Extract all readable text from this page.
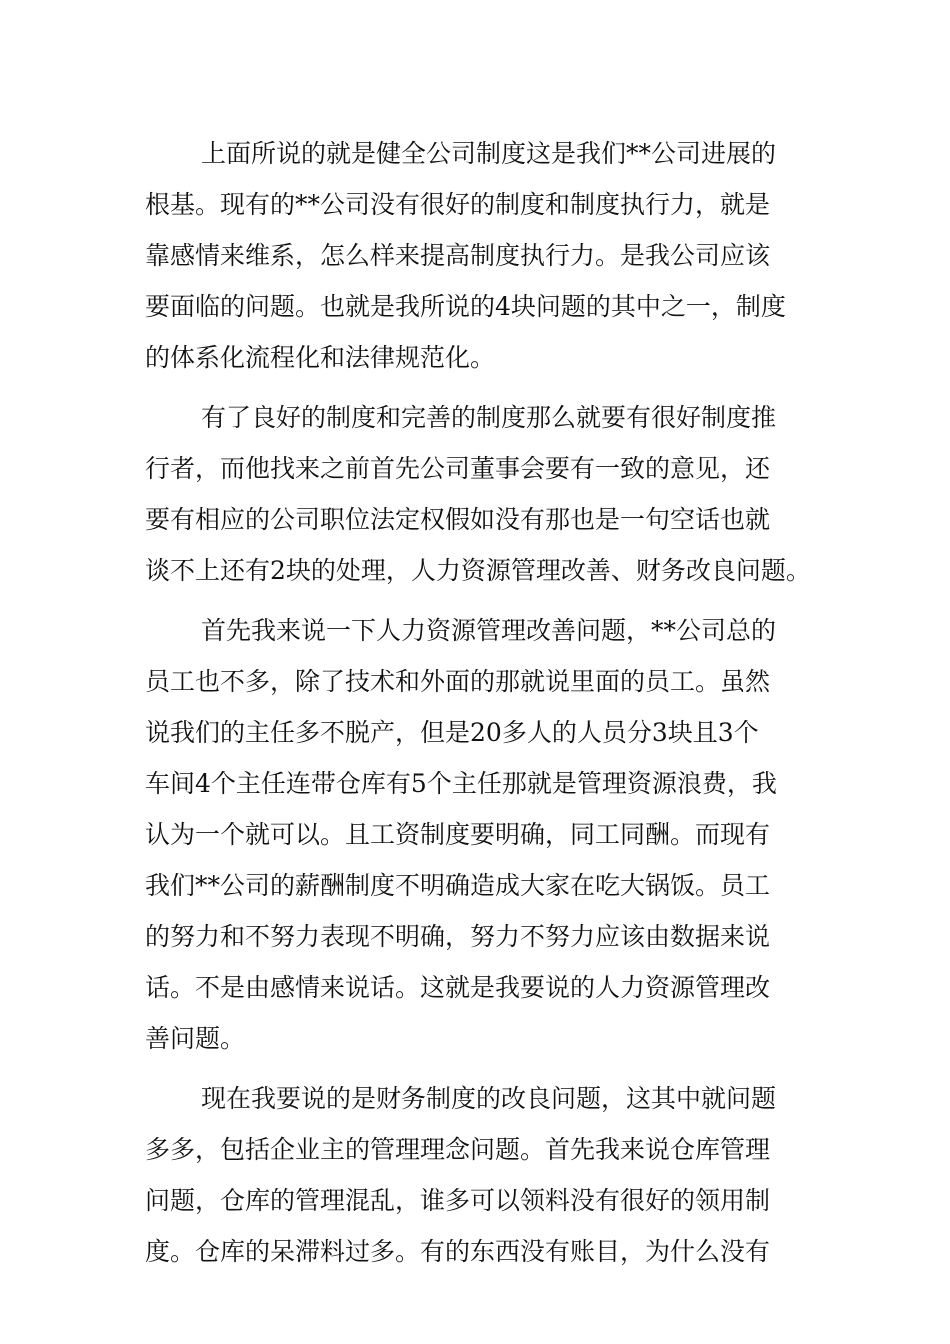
上面所说的就是健全公司制度这是我们**公司进展的
根基。现有的**公司没有很好的制度和制度执行力，就是
靠感情来维系，怎么样来提高制度执行力。是我公司应该
要面临的问题。也就是我所说的4块问题的其中之一，制度
的体系化流程化和法律规范化。
有了良好的制度和完善的制度那么就要有很好制度推
行者，而他找来之前首先公司董事会要有一致的意见，还
要有相应的公司职位法定权假如没有那也是一句空话也就
谈不上还有2块的处理，人力资源管理改善、财务改良问题。
首先我来说一下人力资源管理改善问题，**公司总的
员工也不多，除了技术和外面的那就说里面的员工。虽然
说我们的主任多不脱产，但是20多人的人员分3块且3个
车间4个主任连带仓库有5个主任那就是管理资源浪费，我
认为一个就可以。且工资制度要明确，同工同酬。而现有
我们**公司的薪酬制度不明确造成大家在吃大锅饭。员工
的努力和不努力表现不明确，努力不努力应该由数据来说
话。不是由感情来说话。这就是我要说的人力资源管理改
善问题。
现在我要说的是财务制度的改良问题，这其中就问题
多多，包括企业主的管理理念问题。首先我来说仓库管理
问题，仓库的管理混乱，谁多可以领料没有很好的领用制
度。仓库的呆滞料过多。有的东西没有账目，为什么没有
